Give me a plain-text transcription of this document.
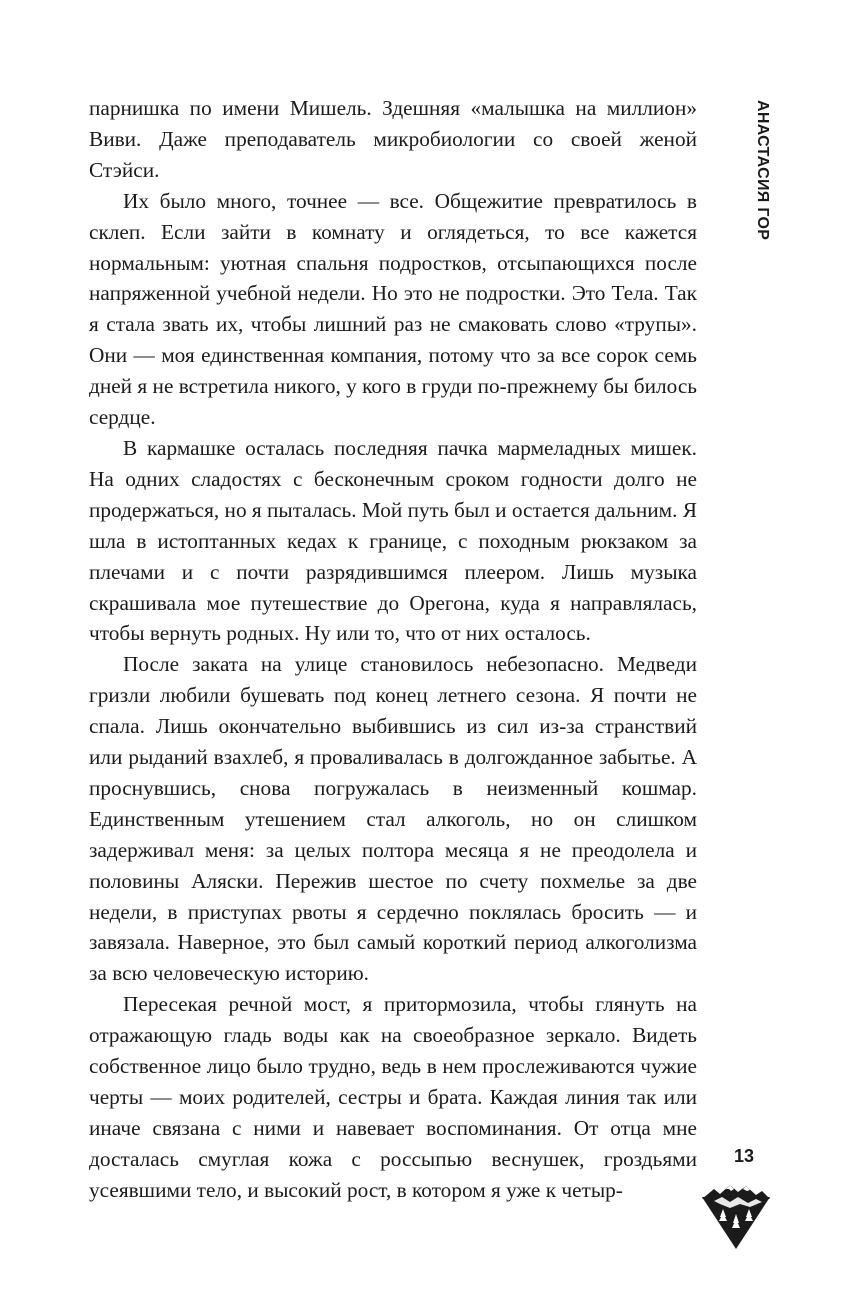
парнишка по имени Мишель. Здешняя «малышка на миллион» Виви. Даже преподаватель микробиологии со своей женой Стэйси.

Их было много, точнее — все. Общежитие превратилось в склеп. Если зайти в комнату и оглядеться, то все кажется нормальным: уютная спальня подростков, отсыпающихся после напряженной учебной недели. Но это не подростки. Это Тела. Так я стала звать их, чтобы лишний раз не смаковать слово «трупы». Они — моя единственная компания, потому что за все сорок семь дней я не встретила никого, у кого в груди по-прежнему бы билось сердце.

В кармашке осталась последняя пачка мармеладных мишек. На одних сладостях с бесконечным сроком годности долго не продержаться, но я пыталась. Мой путь был и остается дальним. Я шла в истоптанных кедах к границе, с походным рюкзаком за плечами и с почти разрядившимся плеером. Лишь музыка скрашивала мое путешествие до Орегона, куда я направлялась, чтобы вернуть родных. Ну или то, что от них осталось.

После заката на улице становилось небезопасно. Медведи гризли любили бушевать под конец летнего сезона. Я почти не спала. Лишь окончательно выбившись из сил из-за странствий или рыданий взахлеб, я проваливалась в долгожданное забытье. А проснувшись, снова погружалась в неизменный кошмар. Единственным утешением стал алкоголь, но он слишком задерживал меня: за целых полтора месяца я не преодолела и половины Аляски. Пережив шестое по счету похмелье за две недели, в приступах рвоты я сердечно поклялась бросить — и завязала. Наверное, это был самый короткий период алкоголизма за всю человеческую историю.

Пересекая речной мост, я притормозила, чтобы глянуть на отражающую гладь воды как на своеобразное зеркало. Видеть собственное лицо было трудно, ведь в нем прослеживаются чужие черты — моих родителей, сестры и брата. Каждая линия так или иначе связана с ними и навевает воспоминания. От отца мне досталась смуглая кожа с россыпью веснушек, гроздьями усеявшими тело, и высокий рост, в котором я уже к четыр-

АНАСТАСИЯ ГОР
13
